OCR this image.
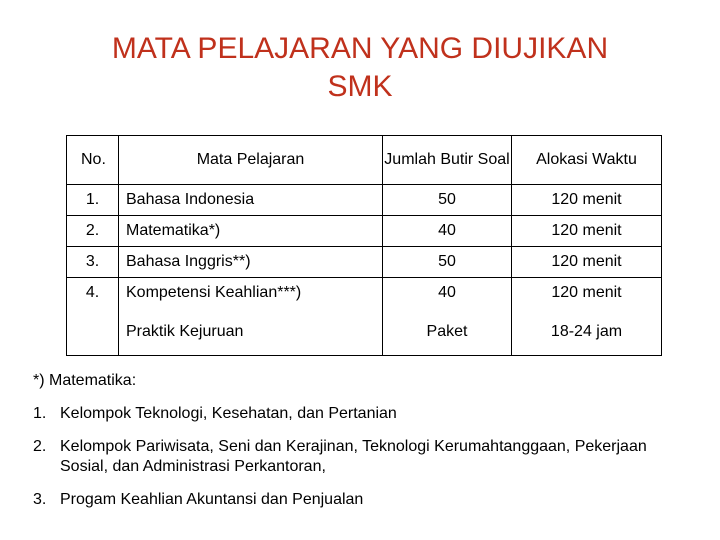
MATA PELAJARAN YANG DIUJIKAN
SMK
No.	Mata Pelajaran	Jumlah Butir Soal	Alokasi Waktu
1.	Bahasa Indonesia	50	120 menit
2.	Matematika*)	40	120 menit
3.	Bahasa Inggris**)	50	120 menit
4.	Kompetensi Keahlian***)	40	120 menit
	Praktik Kejuruan	Paket	18-24 jam
*) Matematika:
1. Kelompok Teknologi, Kesehatan, dan Pertanian
2. Kelompok Pariwisata, Seni dan Kerajinan, Teknologi Kerumahtanggaan, Pekerjaan Sosial, dan Administrasi Perkantoran,
3. Progam Keahlian Akuntansi dan Penjualan
